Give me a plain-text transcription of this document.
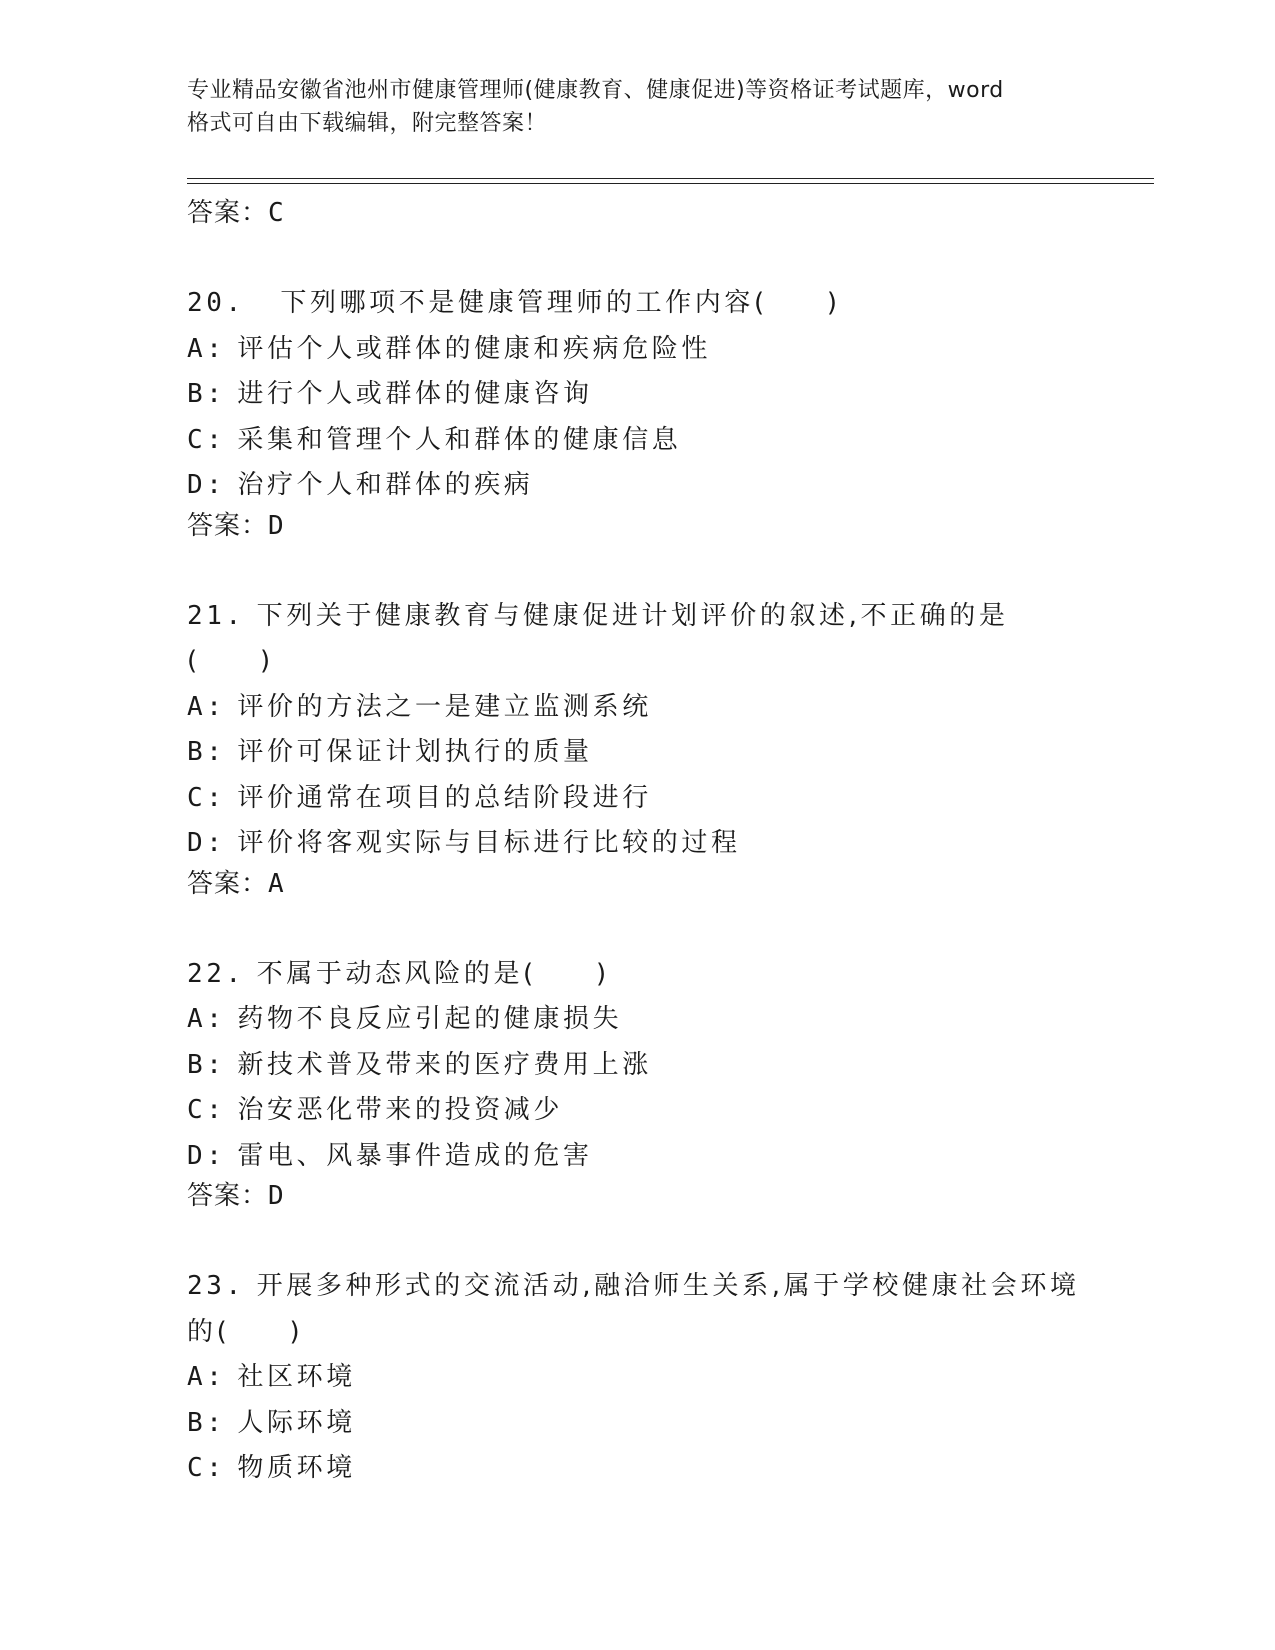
专业精品安徽省池州市健康管理师(健康教育、健康促进)等资格证考试题库，word
格式可自由下载编辑，附完整答案！

答案：C

20. 下列哪项不是健康管理师的工作内容(　　)

A: 评估个人或群体的健康和疾病危险性

B: 进行个人或群体的健康咨询

C: 采集和管理个人和群体的健康信息

D: 治疗个人和群体的疾病

答案：D

21. 下列关于健康教育与健康促进计划评价的叙述,不正确的是(　　)

A: 评价的方法之一是建立监测系统

B: 评价可保证计划执行的质量

C: 评价通常在项目的总结阶段进行

D: 评价将客观实际与目标进行比较的过程

答案：A

22. 不属于动态风险的是(　　)

A: 药物不良反应引起的健康损失

B: 新技术普及带来的医疗费用上涨

C: 治安恶化带来的投资减少

D: 雷电、风暴事件造成的危害

答案：D

23. 开展多种形式的交流活动,融洽师生关系,属于学校健康社会环境

的(　　)

A: 社区环境

B: 人际环境

C: 物质环境
